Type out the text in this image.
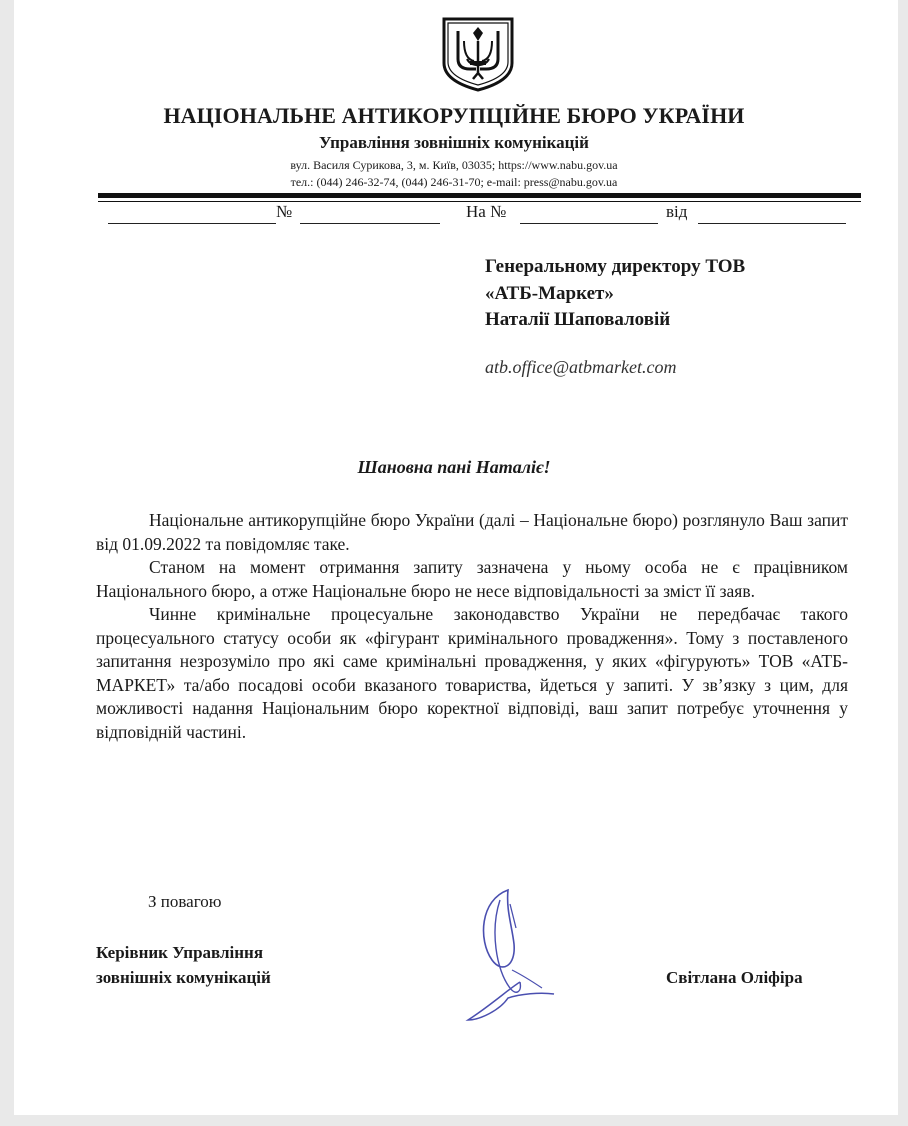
НАЦІОНАЛЬНЕ АНТИКОРУПЦІЙНЕ БЮРО УКРАЇНИ
Управління зовнішніх комунікацій
вул. Василя Сурикова, 3, м. Київ, 03035; https://www.nabu.gov.ua
тел.: (044) 246-32-74, (044) 246-31-70; e-mail: press@nabu.gov.ua
№	На №	від
Генеральному директору ТОВ
«АТБ-Маркет»
Наталії Шаповаловій
atb.office@atbmarket.com
Шановна пані Наталіє!

Національне антикорупційне бюро України (далі – Національне бюро) розглянуло Ваш запит від 01.09.2022 та повідомляє таке.

Станом на момент отримання запиту зазначена у ньому особа не є працівником Національного бюро, а отже Національне бюро не несе відповідальності за зміст її заяв.

Чинне кримінальне процесуальне законодавство України не передбачає такого процесуального статусу особи як «фігурант кримінального провадження». Тому з поставленого запитання незрозуміло про які саме кримінальні провадження, у яких «фігурують» ТОВ «АТБ-МАРКЕТ» та/або посадові особи вказаного товариства, йдеться у запиті. У зв’язку з цим, для можливості надання Національним бюро коректної відповіді, ваш запит потребує уточнення у відповідній частині.

З повагою
Керівник Управління
зовнішніх комунікацій	Світлана Оліфіра
